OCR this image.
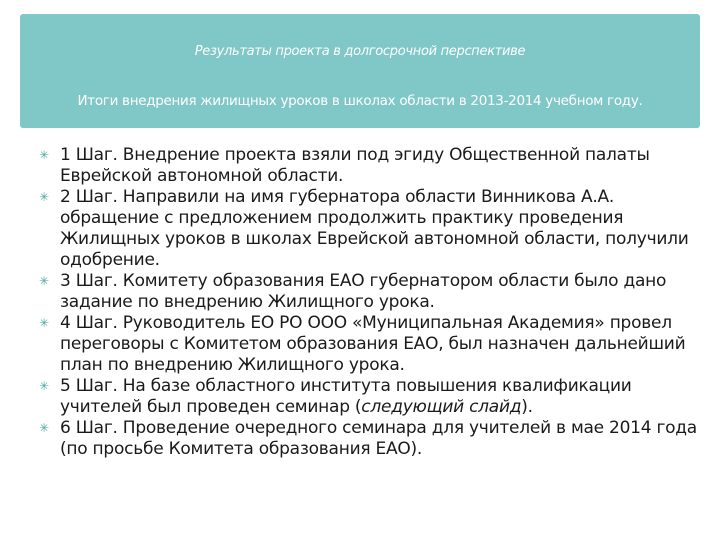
Результаты проекта в долгосрочной перспективе
Итоги внедрения жилищных уроков в школах области в 2013-2014 учебном году.
✳ 1 Шаг. Внедрение проекта взяли под эгиду Общественной палаты Еврейской автономной области.
✳ 2 Шаг. Направили на имя губернатора области Винникова А.А. обращение с предложением продолжить практику проведения Жилищных уроков в школах Еврейской автономной области, получили одобрение.
✳ 3 Шаг. Комитету образования ЕАО губернатором области было дано задание по внедрению Жилищного урока.
✳ 4 Шаг. Руководитель ЕО РО ООО «Муниципальная Академия» провел переговоры с Комитетом образования ЕАО, был назначен дальнейший план по внедрению Жилищного урока.
✳ 5 Шаг. На базе областного института повышения квалификации учителей был проведен семинар (следующий слайд).
✳ 6 Шаг. Проведение очередного семинара для учителей в мае 2014 года (по просьбе Комитета образования ЕАО).
